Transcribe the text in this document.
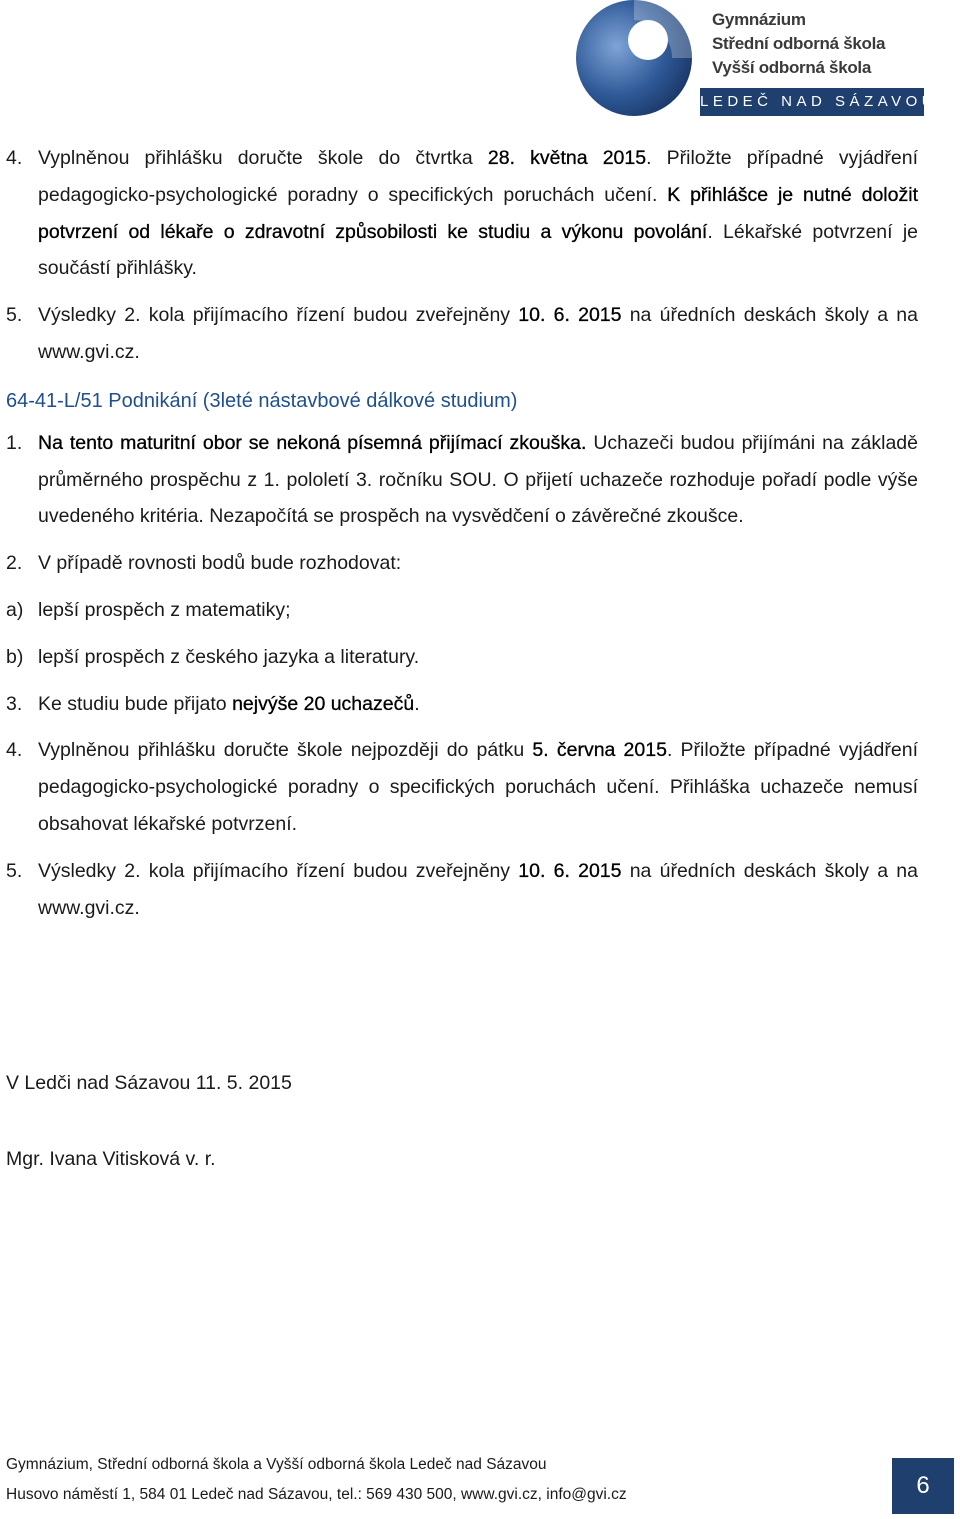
Gymnázium
Střední odborná škola
Vyšší odborná škola
LEDEČ NAD SÁZAVOU

4. Vyplněnou přihlášku doručte škole do čtvrtka 28. května 2015. Přiložte případné vyjádření pedagogicko-psychologické poradny o specifických poruchách učení. K přihlášce je nutné doložit potvrzení od lékaře o zdravotní způsobilosti ke studiu a výkonu povolání. Lékařské potvrzení je součástí přihlášky.

5. Výsledky 2. kola přijímacího řízení budou zveřejněny 10. 6. 2015 na úředních deskách školy a na www.gvi.cz.

64-41-L/51 Podnikání (3leté nástavbové dálkové studium)

1. Na tento maturitní obor se nekoná písemná přijímací zkouška. Uchazeči budou přijímáni na základě průměrného prospěchu z 1. pololetí 3. ročníku SOU. O přijetí uchazeče rozhoduje pořadí podle výše uvedeného kritéria. Nezapočítá se prospěch na vysvědčení o závěrečné zkoušce.

2. V případě rovnosti bodů bude rozhodovat:

a) lepší prospěch z matematiky;

b) lepší prospěch z českého jazyka a literatury.

3. Ke studiu bude přijato nejvýše 20 uchazečů.

4. Vyplněnou přihlášku doručte škole nejpozději do pátku 5. června 2015. Přiložte případné vyjádření pedagogicko-psychologické poradny o specifických poruchách učení. Přihláška uchazeče nemusí obsahovat lékařské potvrzení.

5. Výsledky 2. kola přijímacího řízení budou zveřejněny 10. 6. 2015 na úředních deskách školy a na www.gvi.cz.

V Ledči nad Sázavou 11. 5. 2015
Mgr. Ivana Vitisková v. r.
Gymnázium, Střední odborná škola a Vyšší odborná škola Ledeč nad Sázavou
Husovo náměstí 1, 584 01 Ledeč nad Sázavou, tel.: 569 430 500, www.gvi.cz, info@gvi.cz	6
